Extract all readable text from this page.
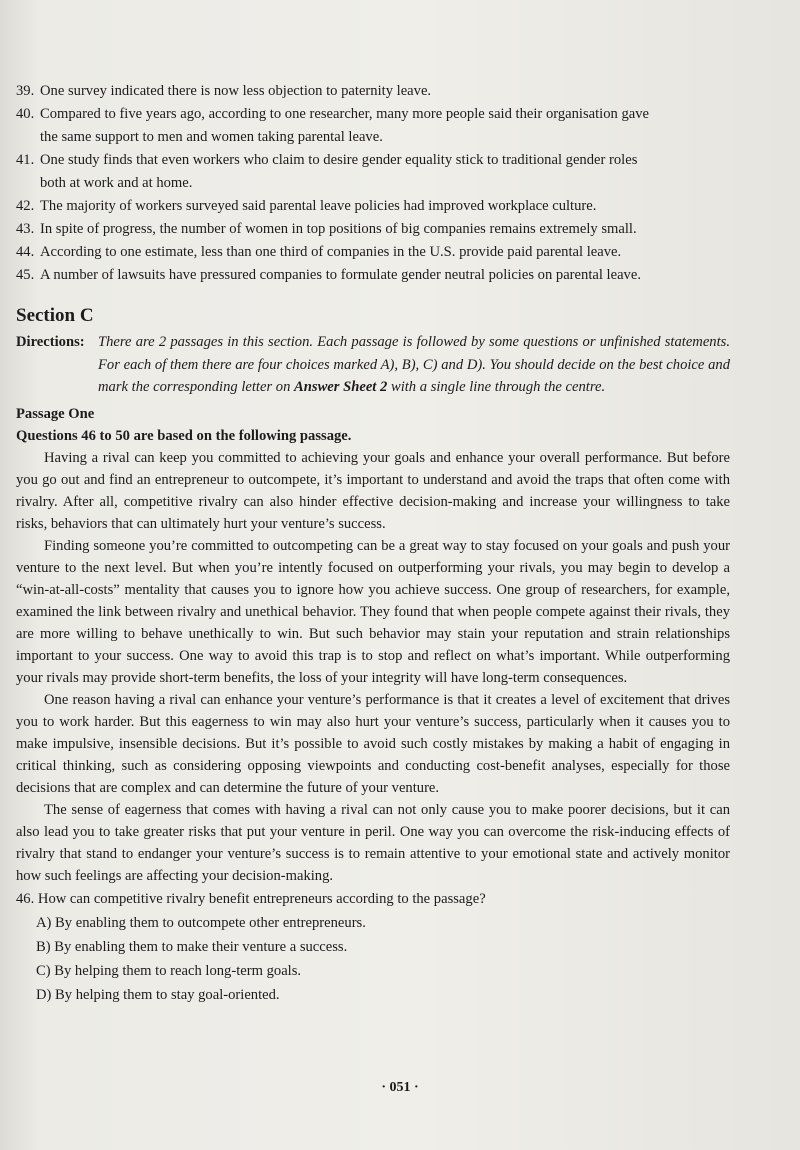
39. One survey indicated there is now less objection to paternity leave.
40. Compared to five years ago, according to one researcher, many more people said their organisation gave
the same support to men and women taking parental leave.
41. One study finds that even workers who claim to desire gender equality stick to traditional gender roles
both at work and at home.
42. The majority of workers surveyed said parental leave policies had improved workplace culture.
43. In spite of progress, the number of women in top positions of big companies remains extremely small.
44. According to one estimate, less than one third of companies in the U.S. provide paid parental leave.
45. A number of lawsuits have pressured companies to formulate gender neutral policies on parental leave.
Section C
Directions: There are 2 passages in this section. Each passage is followed by some questions or unfinished statements. For each of them there are four choices marked A), B), C) and D). You should decide on the best choice and mark the corresponding letter on Answer Sheet 2 with a single line through the centre.
Passage One
Questions 46 to 50 are based on the following passage.

Having a rival can keep you committed to achieving your goals and enhance your overall performance. But before you go out and find an entrepreneur to outcompete, it’s important to understand and avoid the traps that often come with rivalry. After all, competitive rivalry can also hinder effective decision-making and increase your willingness to take risks, behaviors that can ultimately hurt your venture’s success.

Finding someone you’re committed to outcompeting can be a great way to stay focused on your goals and push your venture to the next level. But when you’re intently focused on outperforming your rivals, you may begin to develop a “win-at-all-costs” mentality that causes you to ignore how you achieve success. One group of researchers, for example, examined the link between rivalry and unethical behavior. They found that when people compete against their rivals, they are more willing to behave unethically to win. But such behavior may stain your reputation and strain relationships important to your success. One way to avoid this trap is to stop and reflect on what’s important. While outperforming your rivals may provide short-term benefits, the loss of your integrity will have long-term consequences.

One reason having a rival can enhance your venture’s performance is that it creates a level of excitement that drives you to work harder. But this eagerness to win may also hurt your venture’s success, particularly when it causes you to make impulsive, insensible decisions. But it’s possible to avoid such costly mistakes by making a habit of engaging in critical thinking, such as considering opposing viewpoints and conducting cost-benefit analyses, especially for those decisions that are complex and can determine the future of your venture.

The sense of eagerness that comes with having a rival can not only cause you to make poorer decisions, but it can also lead you to take greater risks that put your venture in peril. One way you can overcome the risk-inducing effects of rivalry that stand to endanger your venture’s success is to remain attentive to your emotional state and actively monitor how such feelings are affecting your decision-making.

46. How can competitive rivalry benefit entrepreneurs according to the passage?
A) By enabling them to outcompete other entrepreneurs.
B) By enabling them to make their venture a success.
C) By helping them to reach long-term goals.
D) By helping them to stay goal-oriented.
· 051 ·
